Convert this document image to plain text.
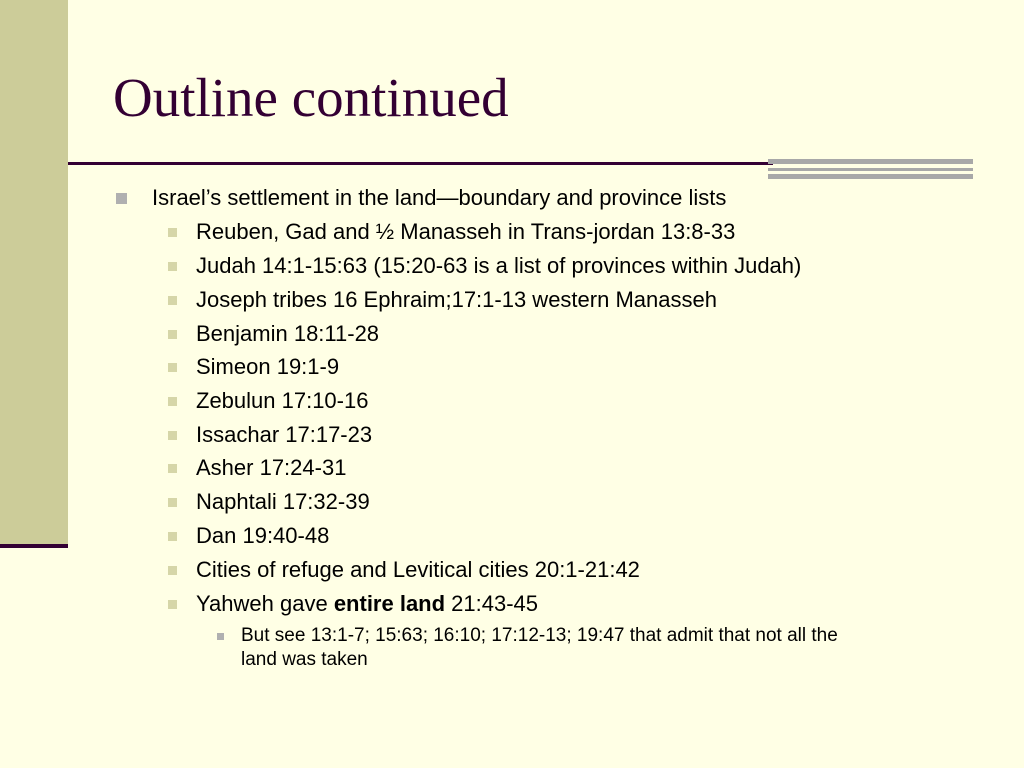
Outline continued
Israel’s settlement in the land—boundary and province lists
Reuben, Gad and ½ Manasseh in Trans-jordan 13:8-33
Judah 14:1-15:63 (15:20-63 is a list of provinces within Judah)
Joseph tribes 16 Ephraim;17:1-13 western Manasseh
Benjamin 18:11-28
Simeon 19:1-9
Zebulun 17:10-16
Issachar 17:17-23
Asher 17:24-31
Naphtali 17:32-39
Dan 19:40-48
Cities of refuge and Levitical cities 20:1-21:42
Yahweh gave entire land 21:43-45
But see 13:1-7; 15:63; 16:10; 17:12-13; 19:47 that admit that not all the
land was taken
